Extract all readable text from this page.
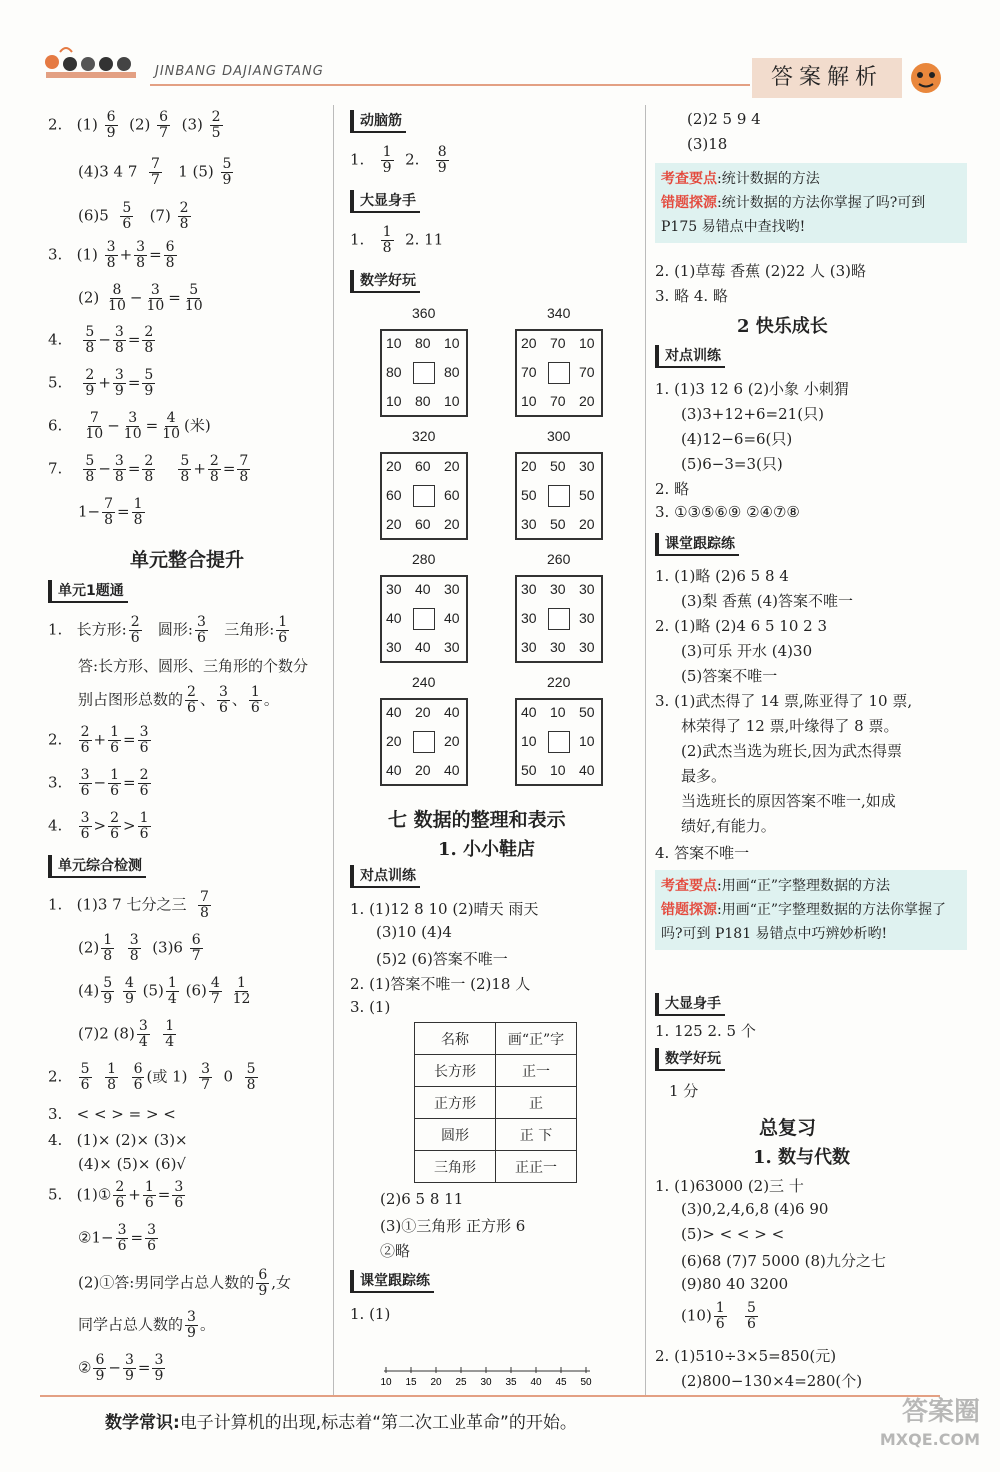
JINBANG DAJIANGTANG	答案解析
2. $(1) \frac{6}{9} (2) \frac{6}{7} (3) \frac{2}{5}$
(4)3 4 $7 \frac{7}{7} 1$ $(5) \frac{5}{9}$
$(6)5 \frac{5}{6} (7) \frac{2}{8}$
3. $(1) \frac{3}{8} + \frac{3}{8} = \frac{6}{8}$
$(2) \frac{8}{10} - \frac{3}{10} = \frac{5}{10}$
4. $\frac{5}{8} - \frac{3}{8} = \frac{2}{8}$
5. $\frac{2}{9} + \frac{3}{9} = \frac{5}{9}$
6. $\frac{7}{10} - \frac{3}{10} = \frac{4}{10}$ (米)
7. $\frac{5}{8} - \frac{3}{8} = \frac{2}{8}$
$\frac{5}{8} + \frac{2}{8} = \frac{7}{8}$
$1- \frac{7}{8} = \frac{1}{8}$
单元整合提升
单元1题通
1. 长方形: $\frac{2}{6}$ 圆形: $\frac{3}{6}$ 三角形: $\frac{1}{6}$
答:长方形、圆形、三角形的个数分
别占图形总数的 $\frac{2}{6}$ 、 $\frac{3}{6}$ 、 $\frac{1}{6}$ 。
2. $\frac{2}{6} + \frac{1}{6} = \frac{3}{6}$
3. $\frac{3}{6} - \frac{1}{6} = \frac{2}{6}$
4. $\frac{3}{6} > \frac{2}{6} > \frac{1}{6}$
单元综合检测
1. (1)3 7 七分之三 $\frac{7}{8}$
$(2) \frac{1}{8}$
$\frac{3}{8} (3)6 \frac{6}{7}$
$(4) \frac{5}{9}$
$\frac{4}{9} (5) \frac{1}{4} (6) \frac{4}{7}$
$\frac{1}{12}$
(7)2 $(8) \frac{3}{4}$
$\frac{1}{4}$
2. $\frac{5}{6}$
$\frac{1}{8}$
$\frac{6}{6}$ (或 $1) \frac{3}{7} 0 \frac{5}{8}$
3. < < > = > <
4. (1)× (2)× (3)×
(4)× (5)× (6)√
5. (1)① $\frac{2}{6} + \frac{1}{6} = \frac{3}{6}$
②1− $\frac{3}{6} = \frac{3}{6}$
(2)①答:男同学占总人数的 $\frac{6}{9}$ ,女
同学占总人数的 $\frac{3}{9}$ 。
② $\frac{6}{9} - \frac{3}{9} = \frac{3}{9}$
动脑筋
1. $\frac{1}{9} 2$. $\frac{8}{9}$
大显身手
1. $\frac{1}{8} 2$. 11
数学好玩
360
10 80 10
80	80
10 80 10
340
20 70 10
70	70
10 70 20
320
20 60 20
60	60
20 60 20
300
20 50 30
50	50
30 50 20
280
30 40 30
40	40
30 40 30
260
30 30 30
30	30
30 30 30
240
40 20 40
20	20
40 20 40
220
40 10 50
10	10
50 10 40
七 数据的整理和表示
1. 小小鞋店
对点训练
1. (1)12 8 10 (2)晴天 雨天
(3)10 (4)4
(5)2 (6)答案不唯一
2. (1)答案不唯一 (2)18 人
3. (1)
名称	画“正”字
长方形	正一
正方形	正
圆形	正 下
三角形	正正一
(2)6 5 8 11
(3)①三角形 正方形 6
②略
课堂跟踪练
1. (1)
10 15 20 25 30 35 40 45 50
(2)2 5 9 4
(3)18
考查要点:统计数据的方法
错题探源:统计数据的方法你掌握了吗?可到 P175 易错点中查找哟!
2. (1)草莓 香蕉 (2)22 人 (3)略
3. 略 4. 略
2 快乐成长
对点训练
1. (1)3 12 6 (2)小象 小刺猬
(3)3+12+6=21(只)
(4)12−6=6(只)
(5)6−3=3(只)
2. 略
3. ①③⑤⑥⑨ ②④⑦⑧
课堂跟踪练
1. (1)略 (2)6 5 8 4
(3)梨 香蕉 (4)答案不唯一
2. (1)略 (2)4 6 5 10 2 3
(3)可乐 开水 (4)30
(5)答案不唯一
3. (1)武杰得了 14 票,陈亚得了 10 票,
林荣得了 12 票,叶缘得了 8 票。
(2)武杰当选为班长,因为武杰得票
最多。
当选班长的原因答案不唯一,如成
绩好,有能力。
4. 答案不唯一
考查要点:用画“正”字整理数据的方法
错题探源:用画“正”字整理数据的方法你掌握了吗?可到 P181 易错点中巧辨妙析哟!
大显身手
1. 125 2. 5 个
数学好玩
1 分
总复习
1. 数与代数
1. (1)63000 (2)三 十
(3)0,2,4,6,8 (4)6 90
(5)> < < > <
(6)68 (7)7 5000 (8)九分之七
(9)80 40 3200
$(10) \frac{1}{6}$
$\frac{5}{6}$
2. (1)510÷3×5=850(元)
(2)800−130×4=280(个)
数学常识:电子计算机的出现,标志着“第二次工业革命”的开始。	答案圈
MXQE.COM
